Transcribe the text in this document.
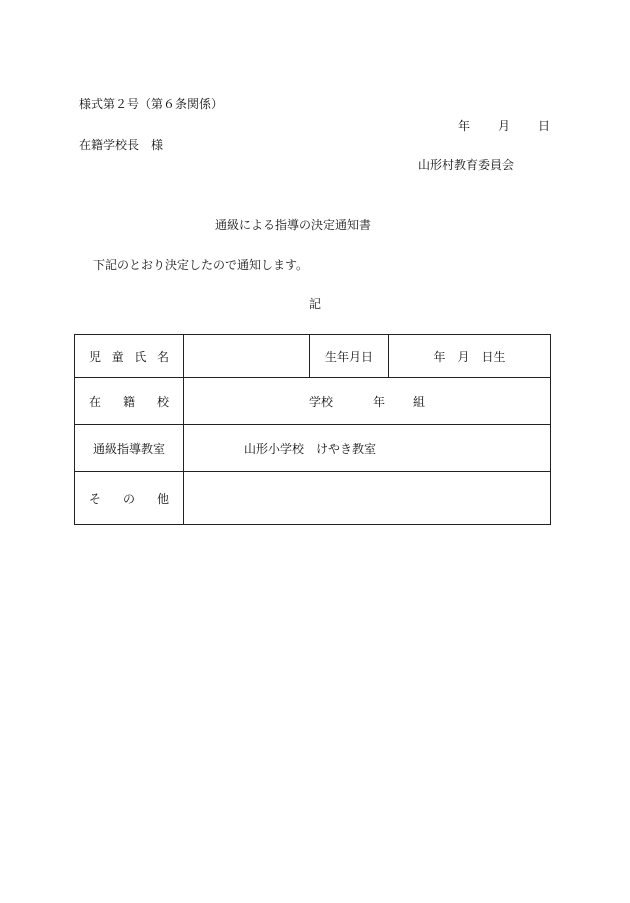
様式第２号（第６条関係）
年 月 日
在籍学校長　様
山形村教育委員会
通級による指導の決定通知書
下記のとおり決定したので通知します。
記
児 童 氏 名		生年月日	年　月　日生

在 籍 校	学校 年 組		

通級指導教室	山形小学校　けやき教室		

そ の 他			
